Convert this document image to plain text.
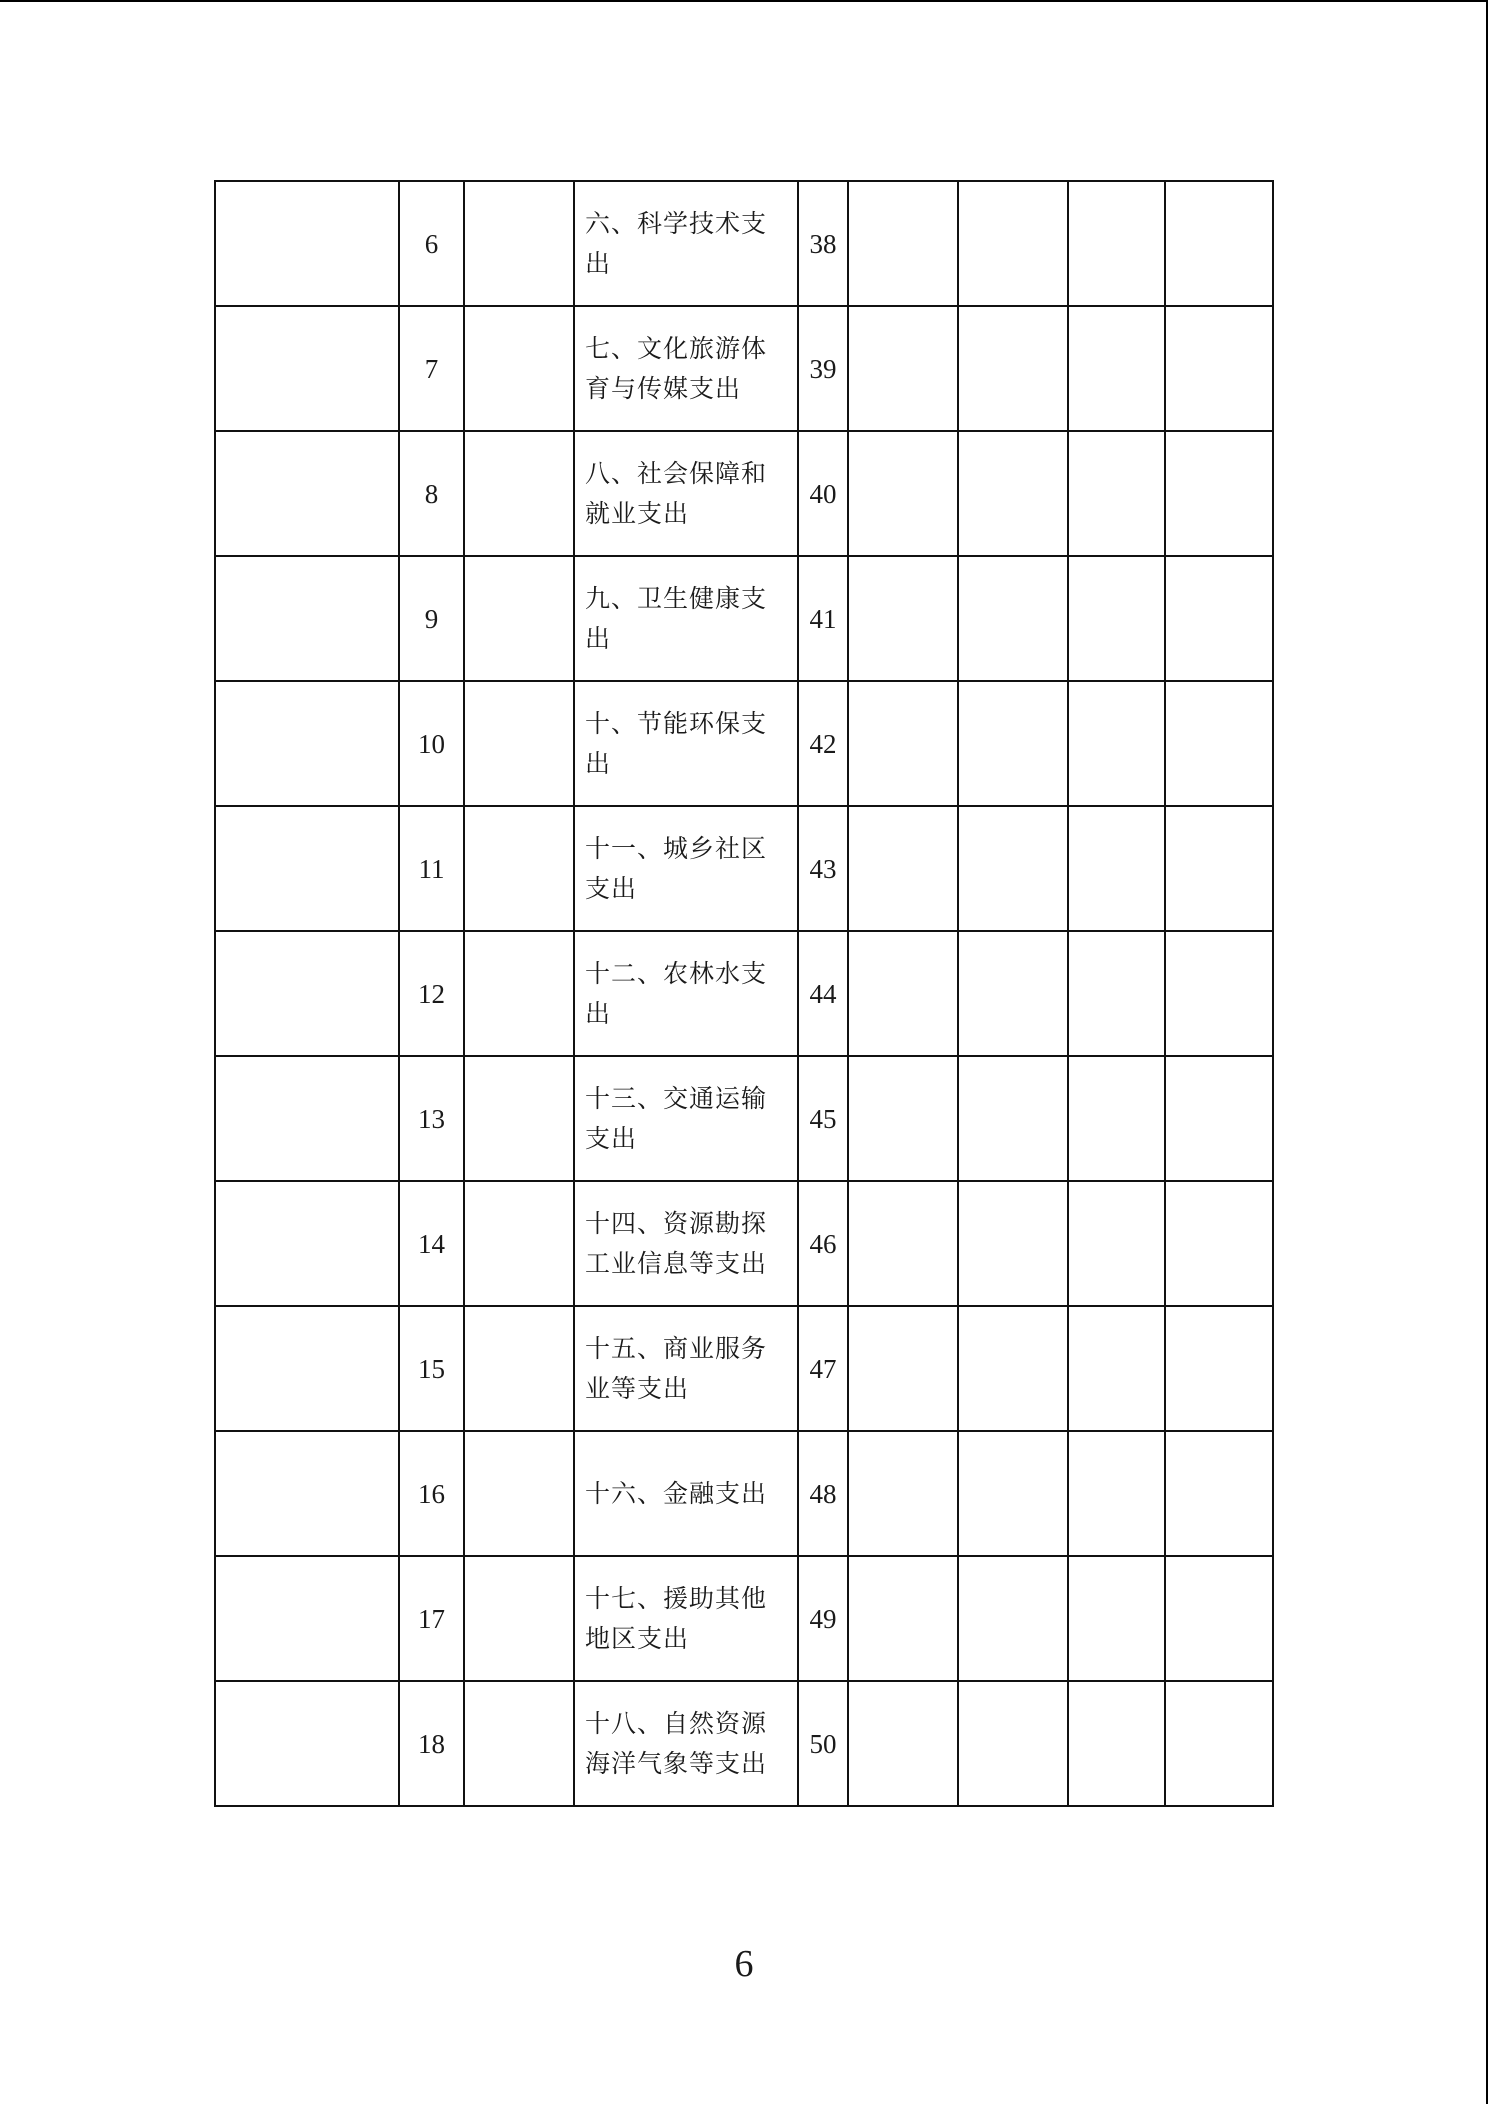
	6		六、科学技术支出	38				
	7		七、文化旅游体育与传媒支出	39				
	8		八、社会保障和就业支出	40				
	9		九、卫生健康支出	41				
	10		十、节能环保支出	42				
	11		十一、城乡社区支出	43				
	12		十二、农林水支出	44				
	13		十三、交通运输支出	45				
	14		十四、资源勘探工业信息等支出	46				
	15		十五、商业服务业等支出	47				
	16		十六、金融支出	48				
	17		十七、援助其他地区支出	49				
	18		十八、自然资源海洋气象等支出	50				
6
